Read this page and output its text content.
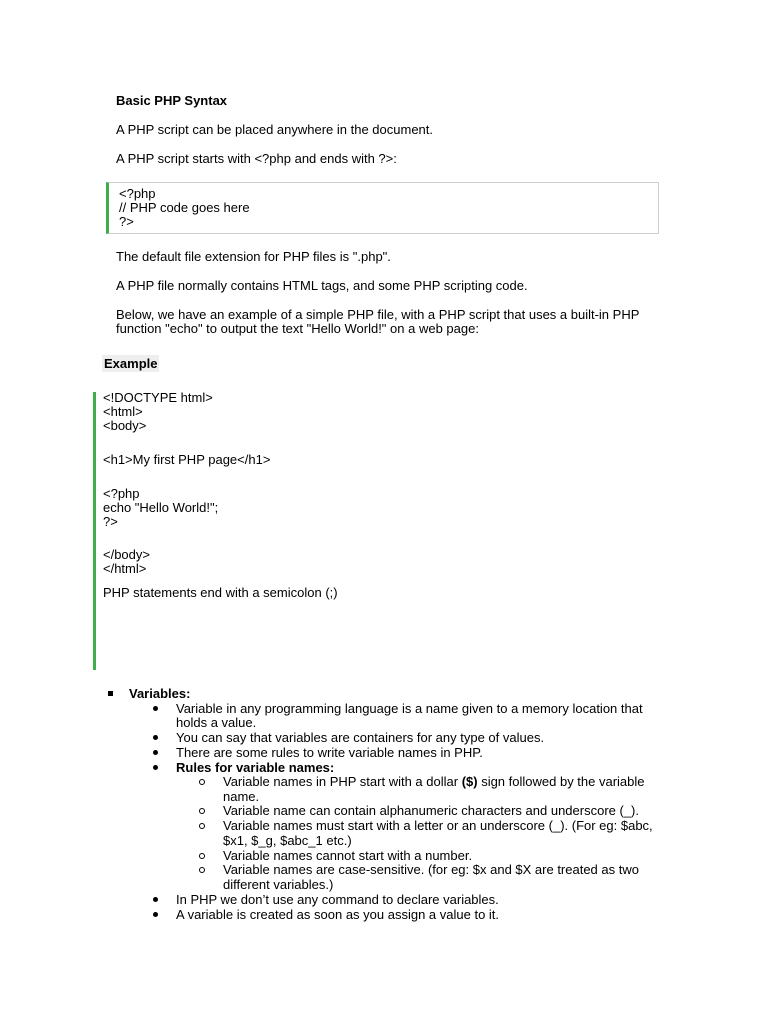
Basic PHP Syntax
A PHP script can be placed anywhere in the document.
A PHP script starts with <?php and ends with ?>:
<?php
// PHP code goes here
?>
The default file extension for PHP files is ".php".
A PHP file normally contains HTML tags, and some PHP scripting code.
Below, we have an example of a simple PHP file, with a PHP script that uses a built-in PHP
function "echo" to output the text "Hello World!" on a web page:
Example
<!DOCTYPE html>
<html>
<body>
<h1>My first PHP page</h1>
<?php
echo "Hello World!";
?>
</body>
</html>
PHP statements end with a semicolon (;)
Variables:
Variable in any programming language is a name given to a memory location that
holds a value.
You can say that variables are containers for any type of values.
There are some rules to write variable names in PHP.
Rules for variable names:
Variable names in PHP start with a dollar ($) sign followed by the variable
name.
Variable name can contain alphanumeric characters and underscore (_).
Variable names must start with a letter or an underscore (_). (For eg: $abc,
$x1, $_g, $abc_1 etc.)
Variable names cannot start with a number.
Variable names are case-sensitive. (for eg: $x and $X are treated as two
different variables.)
In PHP we don’t use any command to declare variables.
A variable is created as soon as you assign a value to it.
